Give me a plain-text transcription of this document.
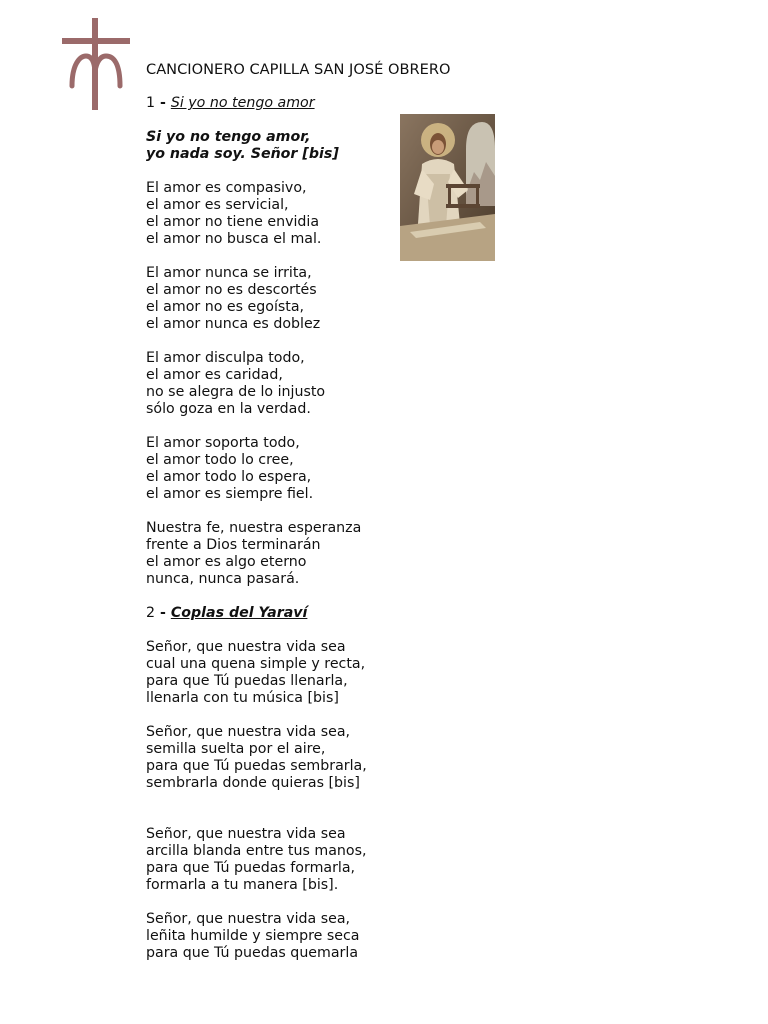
CANCIONERO CAPILLA SAN JOSÉ OBRERO
1 - Si yo no tengo amor
Si yo no tengo amor,
yo nada soy. Señor [bis]
El amor es compasivo,
el amor es servicial,
el amor no tiene envidia
el amor no busca el mal.
El amor nunca se irrita,
el amor no es descortés
el amor no es egoísta,
el amor nunca es doblez
El amor disculpa todo,
el amor es caridad,
no se alegra de lo injusto
sólo goza en la verdad.
El amor soporta todo,
el amor todo lo cree,
el amor todo lo espera,
el amor es siempre fiel.
Nuestra fe, nuestra esperanza
frente a Dios terminarán
el amor es algo eterno
nunca, nunca pasará.
2 - Coplas del Yaraví
Señor, que nuestra vida sea
cual una quena simple y recta,
para que Tú puedas llenarla,
llenarla con tu música [bis]
Señor, que nuestra vida sea,
semilla suelta por el aire,
para que Tú puedas sembrarla,
sembrarla donde quieras [bis]
Señor, que nuestra vida sea
arcilla blanda entre tus manos,
para que Tú puedas formarla,
formarla a tu manera [bis].
Señor, que nuestra vida sea,
leñita humilde y siempre seca
para que Tú puedas quemarla
